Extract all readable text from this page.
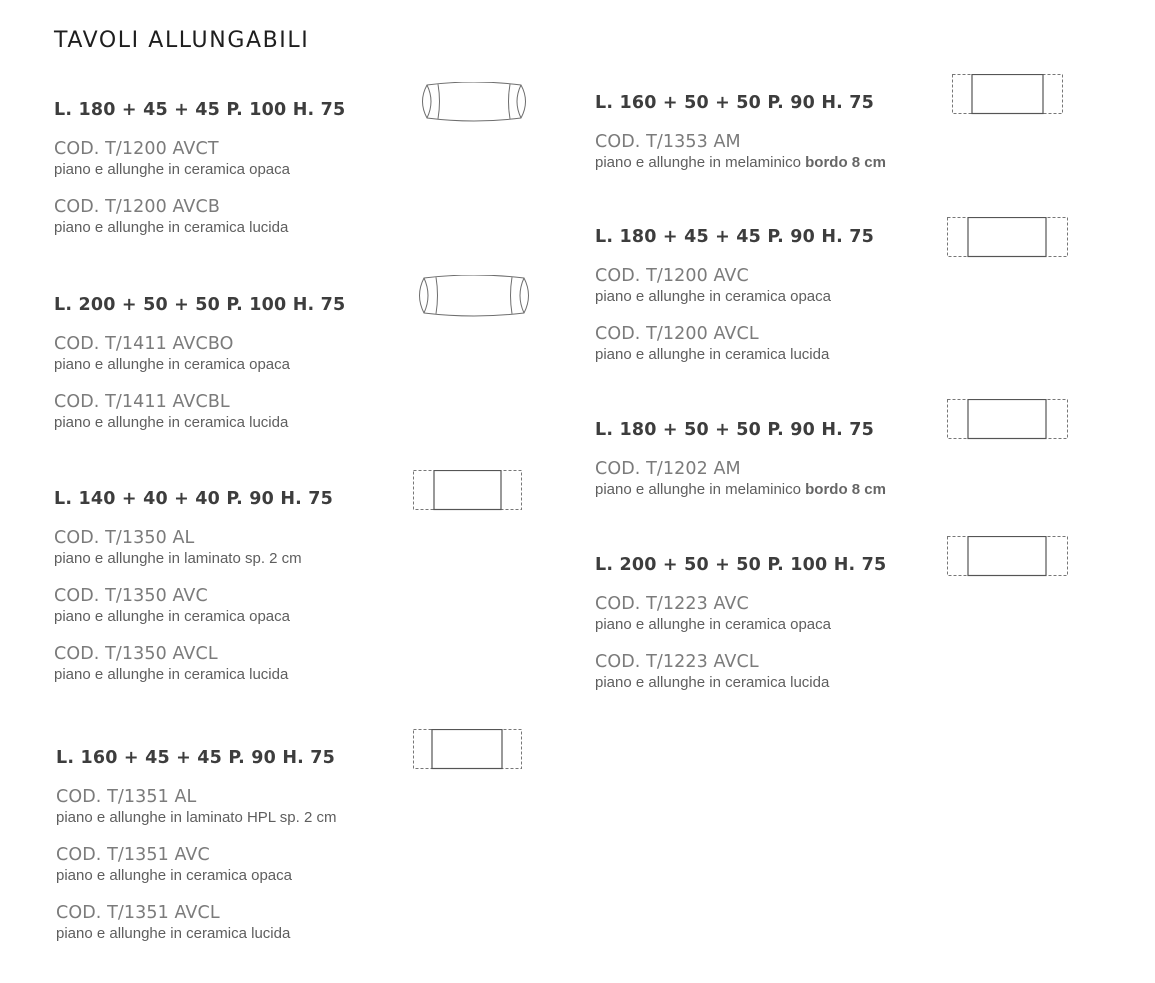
TAVOLI ALLUNGABILI
L. 180 + 45 + 45 P. 100 H. 75
COD. T/1200 AVCT
piano e allunghe in ceramica opaca
COD. T/1200 AVCB
piano e allunghe in ceramica lucida
L. 200 + 50 + 50 P. 100 H. 75
COD. T/1411 AVCBO
piano e allunghe in ceramica opaca
COD. T/1411 AVCBL
piano e allunghe in ceramica lucida
L. 140 + 40 + 40 P. 90 H. 75
COD. T/1350 AL
piano e allunghe in laminato sp. 2 cm
COD. T/1350 AVC
piano e allunghe in ceramica opaca
COD. T/1350 AVCL
piano e allunghe in ceramica lucida
L. 160 + 45 + 45 P. 90 H. 75
COD. T/1351 AL
piano e allunghe in laminato HPL sp. 2 cm
COD. T/1351 AVC
piano e allunghe in ceramica opaca
COD. T/1351 AVCL
piano e allunghe in ceramica lucida
L. 160 + 50 + 50 P. 90 H. 75
COD. T/1353 AM
piano e allunghe in melaminico bordo 8 cm
L. 180 + 45 + 45 P. 90 H. 75
COD. T/1200 AVC
piano e allunghe in ceramica opaca
COD. T/1200 AVCL
piano e allunghe in ceramica lucida
L. 180 + 50 + 50 P. 90 H. 75
COD. T/1202 AM
piano e allunghe in melaminico bordo 8 cm
L. 200 + 50 + 50 P. 100 H. 75
COD. T/1223 AVC
piano e allunghe in ceramica opaca
COD. T/1223 AVCL
piano e allunghe in ceramica lucida
